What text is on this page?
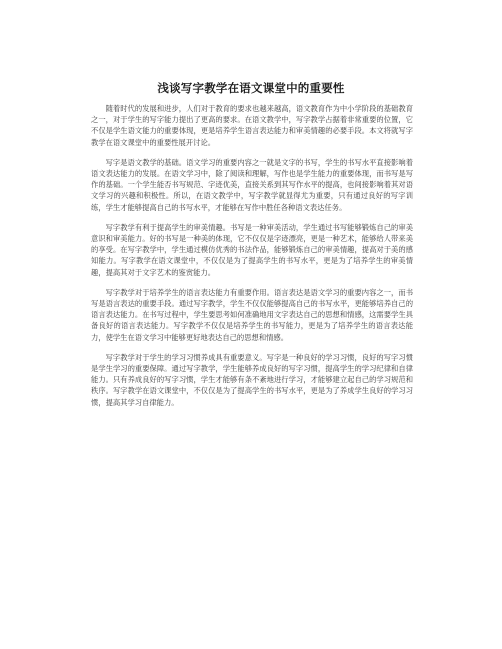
浅谈写字教学在语文课堂中的重要性

随着时代的发展和进步，人们对于教育的要求也越来越高，语文教育作为中小学阶段的基础教育之一，对于学生的写字能力提出了更高的要求。在语文教学中，写字教学占据着非常重要的位置，它不仅是学生语文能力的重要体现，更是培养学生语言表达能力和审美情趣的必要手段。本文将就写字教学在语文课堂中的重要性展开讨论。

写字是语文教学的基础。语文学习的重要内容之一就是文字的书写，学生的书写水平直接影响着语文表达能力的发展。在语文学习中，除了阅读和理解，写作也是学生能力的重要体现，而书写是写作的基础。一个学生能否书写规范、字迹优美，直接关系到其写作水平的提高，也间接影响着其对语文学习的兴趣和积极性。所以，在语文教学中，写字教学就显得尤为重要，只有通过良好的写字训练，学生才能够提高自己的书写水平，才能够在写作中胜任各种语文表达任务。

写字教学有利于提高学生的审美情趣。书写是一种审美活动，学生通过书写能够锻炼自己的审美意识和审美能力。好的书写是一种美的体现，它不仅仅是字迹漂亮，更是一种艺术，能够给人带来美的享受。在写字教学中，学生通过模仿优秀的书法作品，能够锻炼自己的审美情趣，提高对于美的感知能力。写字教学在语文课堂中，不仅仅是为了提高学生的书写水平，更是为了培养学生的审美情趣，提高其对于文字艺术的鉴赏能力。

写字教学对于培养学生的语言表达能力有重要作用。语言表达是语文学习的重要内容之一，而书写是语言表达的重要手段。通过写字教学，学生不仅仅能够提高自己的书写水平，更能够培养自己的语言表达能力。在书写过程中，学生要思考如何准确地用文字表达自己的思想和情感，这需要学生具备良好的语言表达能力。写字教学不仅仅是培养学生的书写能力，更是为了培养学生的语言表达能力，使学生在语文学习中能够更好地表达自己的思想和情感。

写字教学对于学生的学习习惯养成具有重要意义。写字是一种良好的学习习惯，良好的写字习惯是学生学习的重要保障。通过写字教学，学生能够养成良好的写字习惯，提高学生的学习纪律和自律能力。只有养成良好的写字习惯，学生才能够有条不紊地进行学习，才能够建立起自己的学习规范和秩序。写字教学在语文课堂中，不仅仅是为了提高学生的书写水平，更是为了养成学生良好的学习习惯，提高其学习自律能力。
